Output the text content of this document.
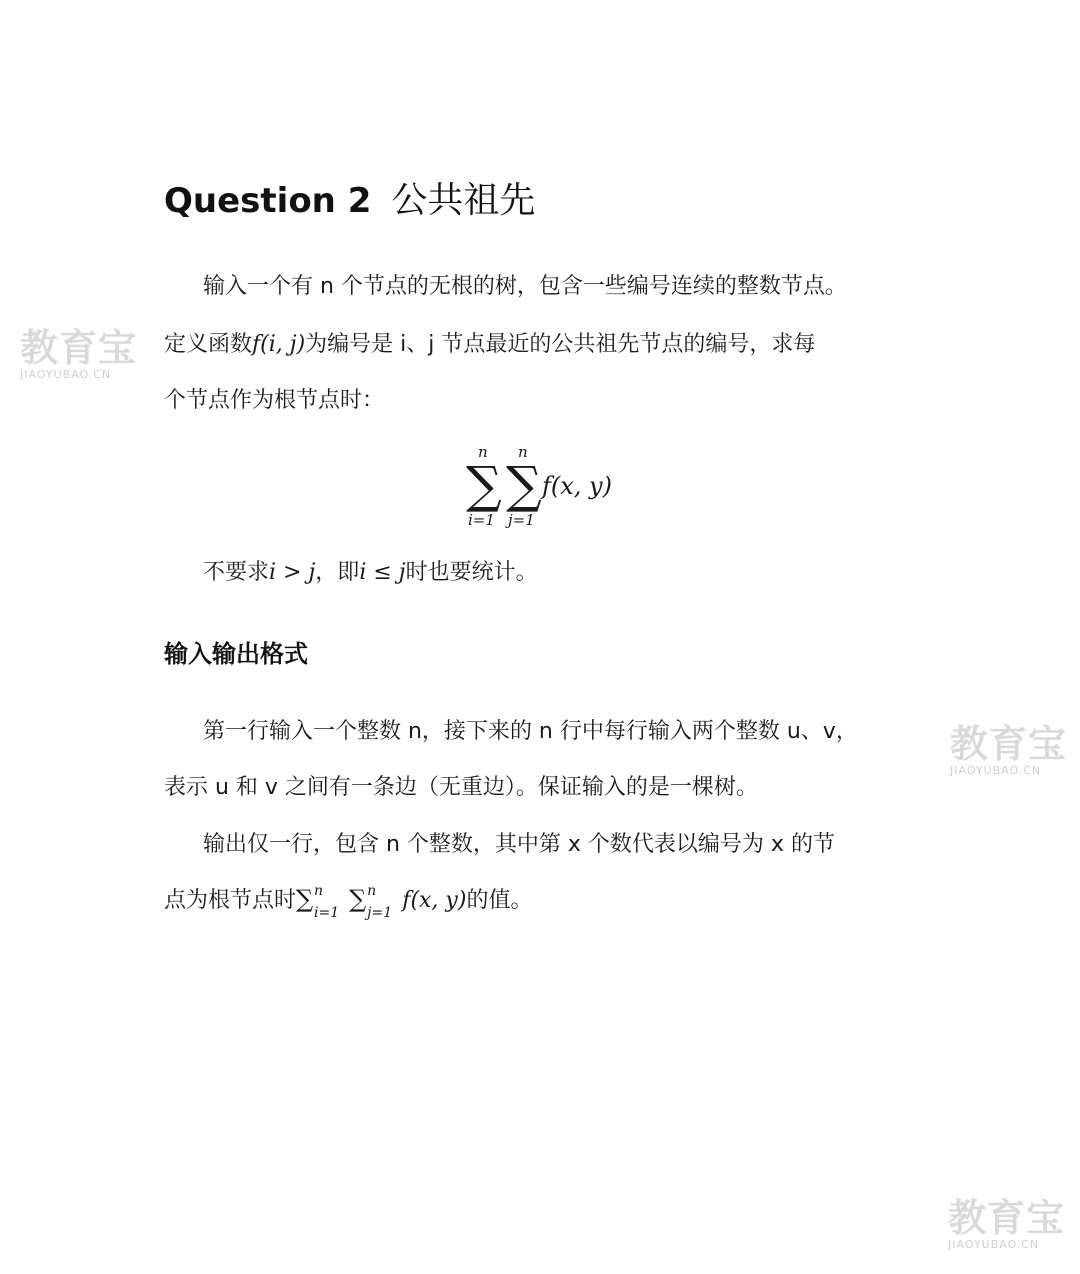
Question 2 公共祖先
输入一个有 n 个节点的无根的树，包含一些编号连续的整数节点。
定义函数f(i, j)为编号是 i、j 节点最近的公共祖先节点的编号，求每
个节点作为根节点时：
n
∑
i=1
n
∑
j=1
f(x, y)
不要求i > j，即i ≤ j时也要统计。
输入输出格式
第一行输入一个整数 n，接下来的 n 行中每行输入两个整数 u、v，
表示 u 和 v 之间有一条边（无重边）。保证输入的是一棵树。
输出仅一行，包含 n 个整数，其中第 x 个数代表以编号为 x 的节
点为根节点时∑ n
i=1 ∑ n
j=1 f(x, y)的值。
教育宝
JIAOYUBAO.CN
教育宝
JIAOYUBAO.CN
教育宝
JIAOYUBAO.CN
